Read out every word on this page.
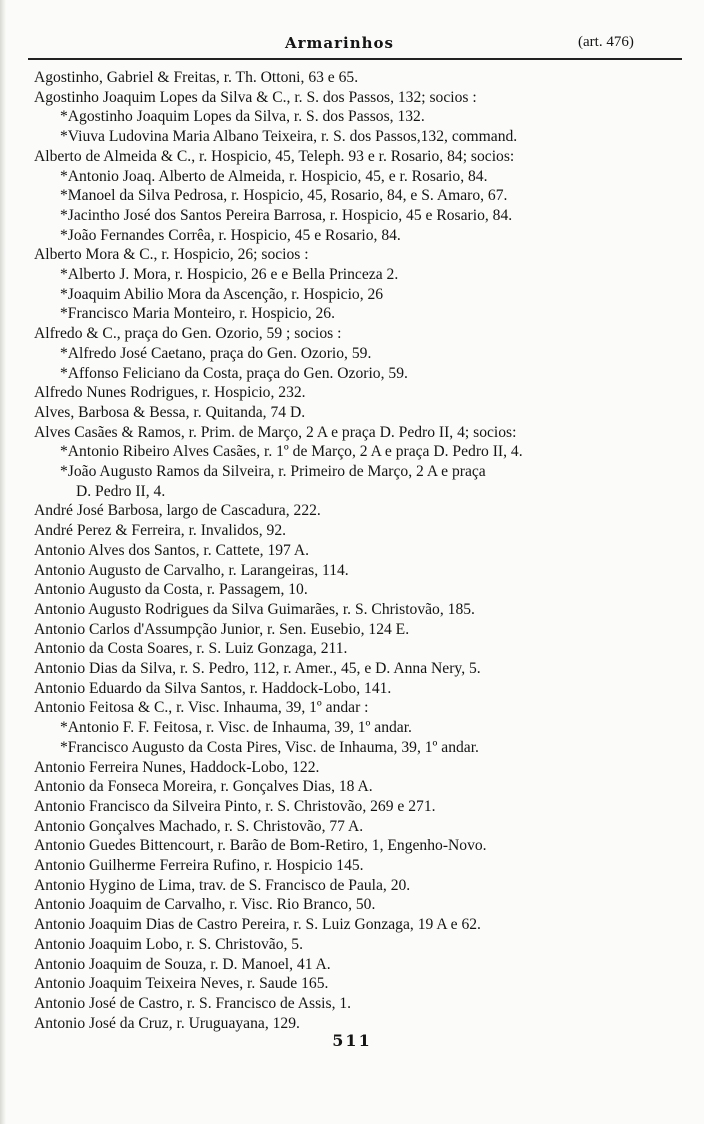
Armarinhos	(art. 476)
Agostinho, Gabriel & Freitas, r. Th. Ottoni, 63 e 65.
Agostinho Joaquim Lopes da Silva & C., r. S. dos Passos, 132; socios :
*Agostinho Joaquim Lopes da Silva, r. S. dos Passos, 132.
*Viuva Ludovina Maria Albano Teixeira, r. S. dos Passos,132, command.
Alberto de Almeida & C., r. Hospicio, 45, Teleph. 93 e r. Rosario, 84; socios:
*Antonio Joaq. Alberto de Almeida, r. Hospicio, 45, e r. Rosario, 84.
*Manoel da Silva Pedrosa, r. Hospicio, 45, Rosario, 84, e S. Amaro, 67.
*Jacintho José dos Santos Pereira Barrosa, r. Hospicio, 45 e Rosario, 84.
*João Fernandes Corrêa, r. Hospicio, 45 e Rosario, 84.
Alberto Mora & C., r. Hospicio, 26; socios :
*Alberto J. Mora, r. Hospicio, 26 e e Bella Princeza 2.
*Joaquim Abilio Mora da Ascenção, r. Hospicio, 26
*Francisco Maria Monteiro, r. Hospicio, 26.
Alfredo & C., praça do Gen. Ozorio, 59 ; socios :
*Alfredo José Caetano, praça do Gen. Ozorio, 59.
*Affonso Feliciano da Costa, praça do Gen. Ozorio, 59.
Alfredo Nunes Rodrigues, r. Hospicio, 232.
Alves, Barbosa & Bessa, r. Quitanda, 74 D.
Alves Casães & Ramos, r. Prim. de Março, 2 A e praça D. Pedro II, 4; socios:
*Antonio Ribeiro Alves Casães, r. 1º de Março, 2 A e praça D. Pedro II, 4.
*João Augusto Ramos da Silveira, r. Primeiro de Março, 2 A e praça
D. Pedro II, 4.
André José Barbosa, largo de Cascadura, 222.
André Perez & Ferreira, r. Invalidos, 92.
Antonio Alves dos Santos, r. Cattete, 197 A.
Antonio Augusto de Carvalho, r. Larangeiras, 114.
Antonio Augusto da Costa, r. Passagem, 10.
Antonio Augusto Rodrigues da Silva Guimarães, r. S. Christovão, 185.
Antonio Carlos d'Assumpção Junior, r. Sen. Eusebio, 124 E.
Antonio da Costa Soares, r. S. Luiz Gonzaga, 211.
Antonio Dias da Silva, r. S. Pedro, 112, r. Amer., 45, e D. Anna Nery, 5.
Antonio Eduardo da Silva Santos, r. Haddock-Lobo, 141.
Antonio Feitosa & C., r. Visc. Inhauma, 39, 1º andar :
*Antonio F. F. Feitosa, r. Visc. de Inhauma, 39, 1º andar.
*Francisco Augusto da Costa Pires, Visc. de Inhauma, 39, 1º andar.
Antonio Ferreira Nunes, Haddock-Lobo, 122.
Antonio da Fonseca Moreira, r. Gonçalves Dias, 18 A.
Antonio Francisco da Silveira Pinto, r. S. Christovão, 269 e 271.
Antonio Gonçalves Machado, r. S. Christovão, 77 A.
Antonio Guedes Bittencourt, r. Barão de Bom-Retiro, 1, Engenho-Novo.
Antonio Guilherme Ferreira Rufino, r. Hospicio 145.
Antonio Hygino de Lima, trav. de S. Francisco de Paula, 20.
Antonio Joaquim de Carvalho, r. Visc. Rio Branco, 50.
Antonio Joaquim Dias de Castro Pereira, r. S. Luiz Gonzaga, 19 A e 62.
Antonio Joaquim Lobo, r. S. Christovão, 5.
Antonio Joaquim de Souza, r. D. Manoel, 41 A.
Antonio Joaquim Teixeira Neves, r. Saude 165.
Antonio José de Castro, r. S. Francisco de Assis, 1.
Antonio José da Cruz, r. Uruguayana, 129.
511
